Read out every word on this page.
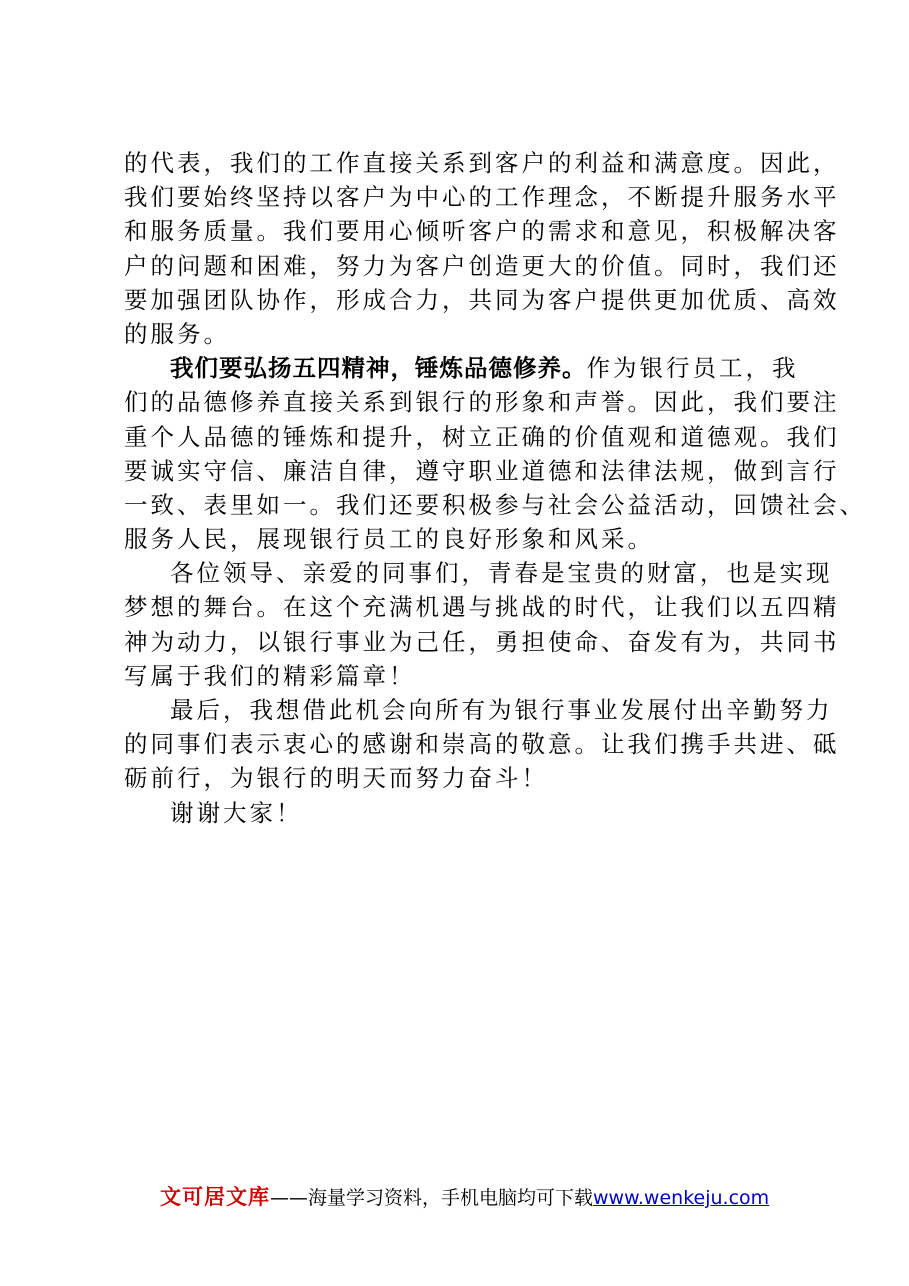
的代表，我们的工作直接关系到客户的利益和满意度。因此，
我们要始终坚持以客户为中心的工作理念，不断提升服务水平
和服务质量。我们要用心倾听客户的需求和意见，积极解决客
户的问题和困难，努力为客户创造更大的价值。同时，我们还
要加强团队协作，形成合力，共同为客户提供更加优质、高效
的服务。
我们要弘扬五四精神，锤炼品德修养。作为银行员工，我
们的品德修养直接关系到银行的形象和声誉。因此，我们要注
重个人品德的锤炼和提升，树立正确的价值观和道德观。我们
要诚实守信、廉洁自律，遵守职业道德和法律法规，做到言行
一致、表里如一。我们还要积极参与社会公益活动，回馈社会、
服务人民，展现银行员工的良好形象和风采。
各位领导、亲爱的同事们，青春是宝贵的财富，也是实现
梦想的舞台。在这个充满机遇与挑战的时代，让我们以五四精
神为动力，以银行事业为己任，勇担使命、奋发有为，共同书
写属于我们的精彩篇章！
最后，我想借此机会向所有为银行事业发展付出辛勤努力
的同事们表示衷心的感谢和崇高的敬意。让我们携手共进、砥
砺前行，为银行的明天而努力奋斗！
谢谢大家！
文可居文库——海量学习资料，手机电脑均可下载www.wenkeju.com
